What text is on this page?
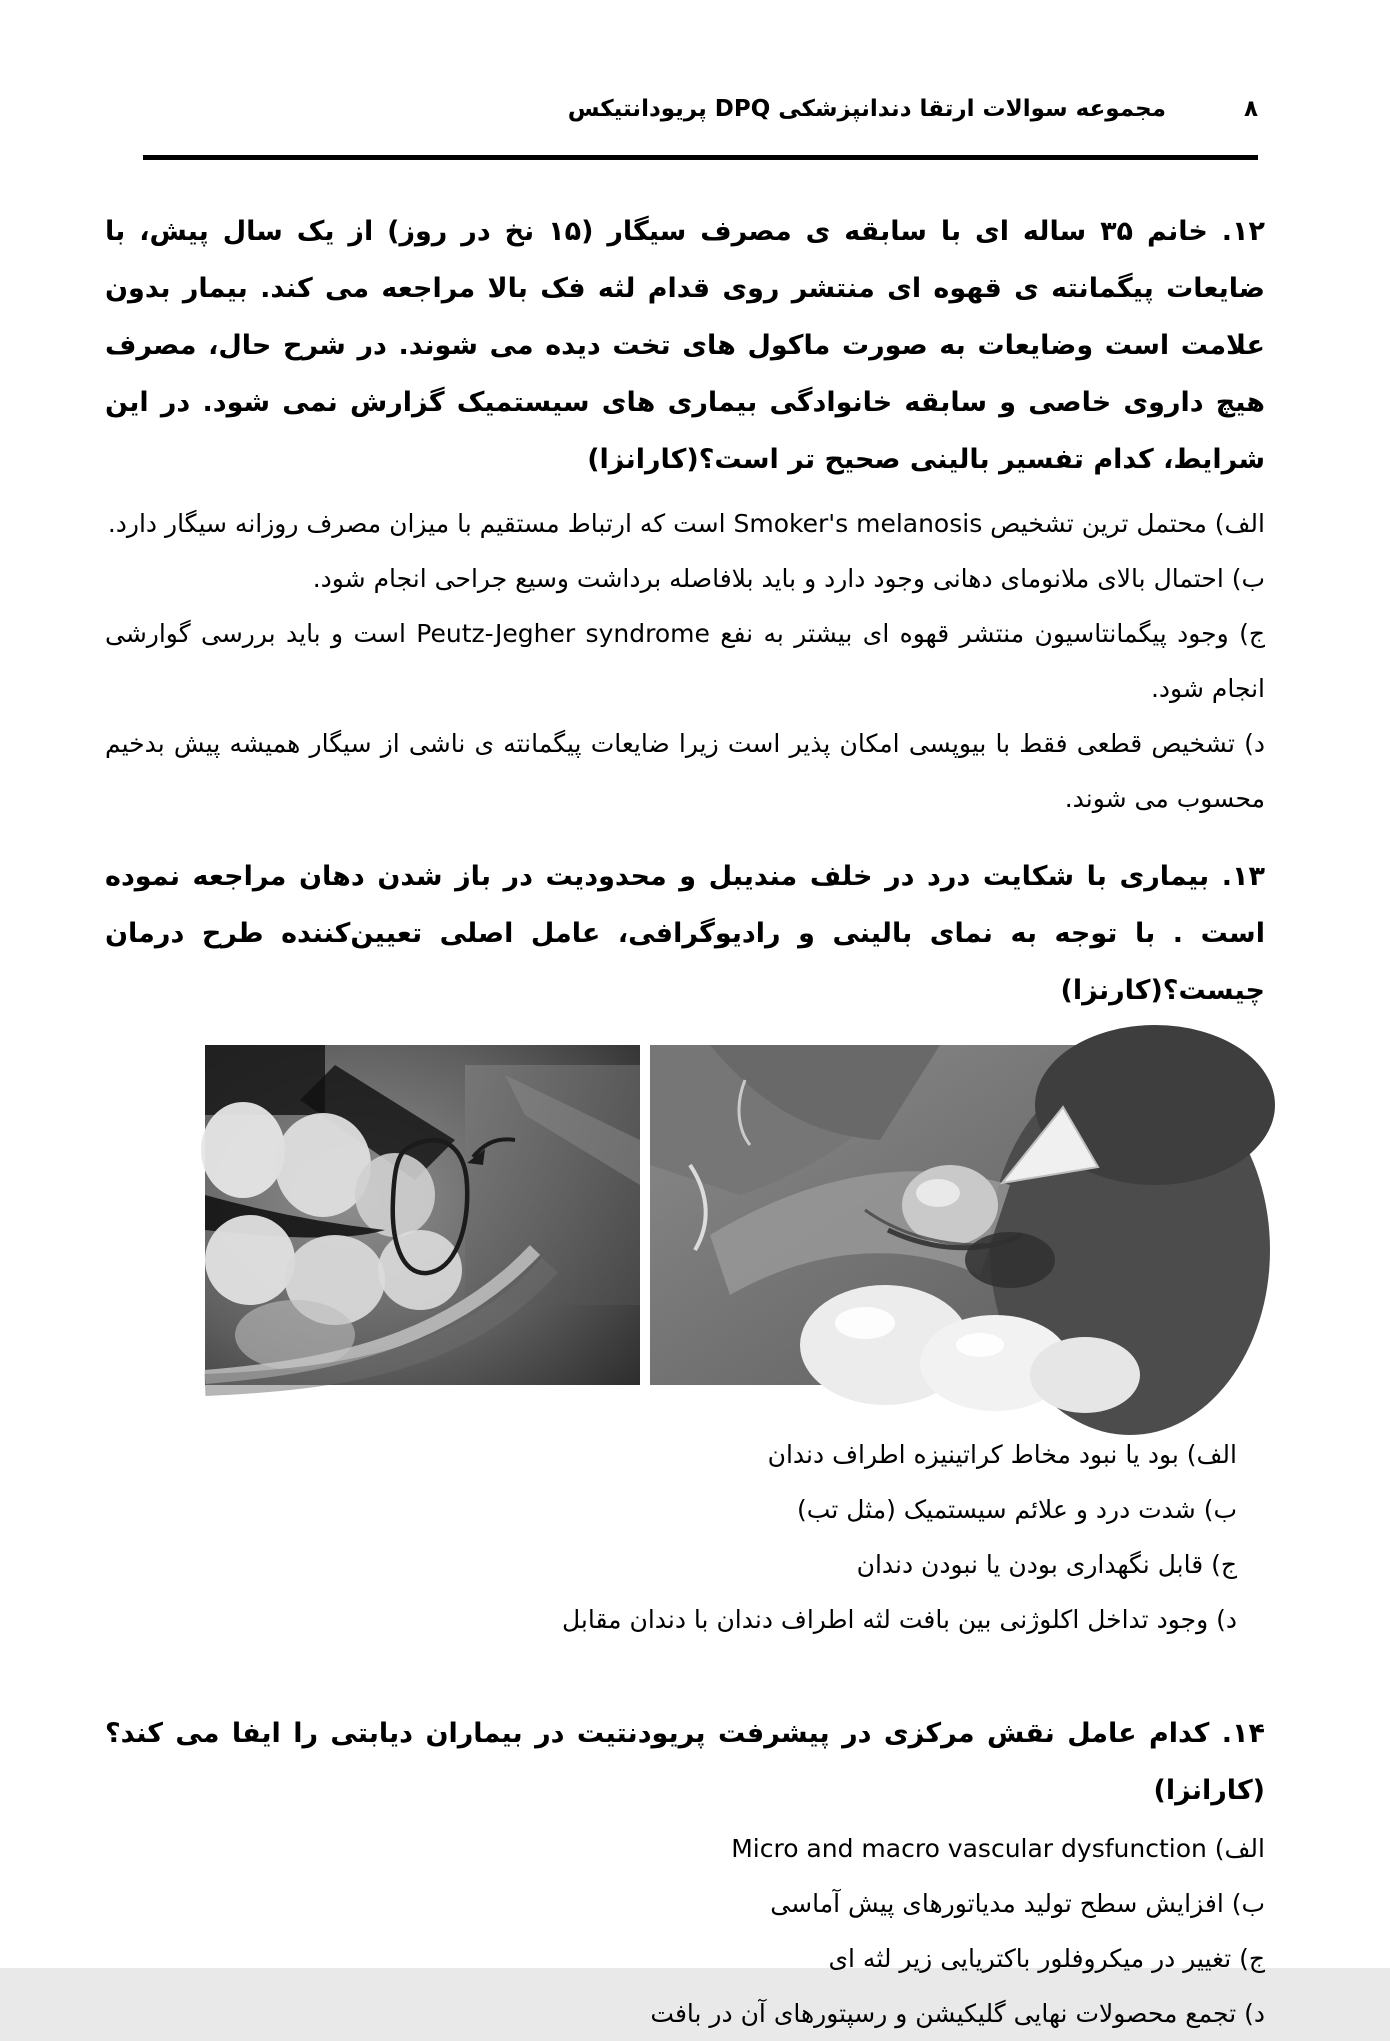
۸
مجموعه سوالات ارتقا دندانپزشکی DPQ پریودانتیکس
۱۲. خانم ۳۵ ساله ای با سابقه ی مصرف سیگار (۱۵ نخ در روز) از یک سال پیش، با ضایعات پیگمانته ی قهوه ای منتشر روی قدام لثه فک بالا مراجعه می کند. بیمار بدون علامت است وضایعات به صورت ماکول های تخت دیده می شوند. در شرح حال، مصرف هیچ داروی خاصی و سابقه خانوادگی بیماری های سیستمیک گزارش نمی شود. در این شرایط، کدام تفسیر بالینی صحیح تر است؟(کارانزا)
الف) محتمل ترین تشخیص Smoker's melanosis است که ارتباط مستقیم با میزان مصرف روزانه سیگار دارد.
ب) احتمال بالای ملانومای دهانی وجود دارد و باید بلافاصله برداشت وسیع جراحی انجام شود.
ج) وجود پیگمانتاسیون منتشر قهوه ای بیشتر به نفع Peutz-Jegher syndrome است و باید بررسی گوارشی انجام شود.
د) تشخیص قطعی فقط با بیوپسی امکان پذیر است زیرا ضایعات پیگمانته ی ناشی از سیگار همیشه پیش بدخیم محسوب می شوند.
۱۳. بیماری با شکایت درد در خلف مندیبل و محدودیت در باز شدن دهان مراجعه نموده است . با توجه به نمای بالینی و رادیوگرافی، عامل اصلی تعیین‌کننده طرح درمان چیست؟(کارنزا)
الف) بود یا نبود مخاط کراتینیزه اطراف دندان
ب) شدت درد و علائم سیستمیک (مثل تب)
ج) قابل نگهداری بودن یا نبودن دندان
د) وجود تداخل اکلوژنی بین بافت لثه اطراف دندان با دندان مقابل
۱۴. کدام عامل نقش مرکزی در پیشرفت پریودنتیت در بیماران دیابتی را ایفا می کند؟ (کارانزا)
الف) Micro and macro vascular dysfunction
ب) افزایش سطح تولید مدیاتورهای پیش آماسی
ج) تغییر در میکروفلور باکتریایی زیر لثه ای
د) تجمع محصولات نهایی گلیکیشن و رسپتورهای آن در بافت
